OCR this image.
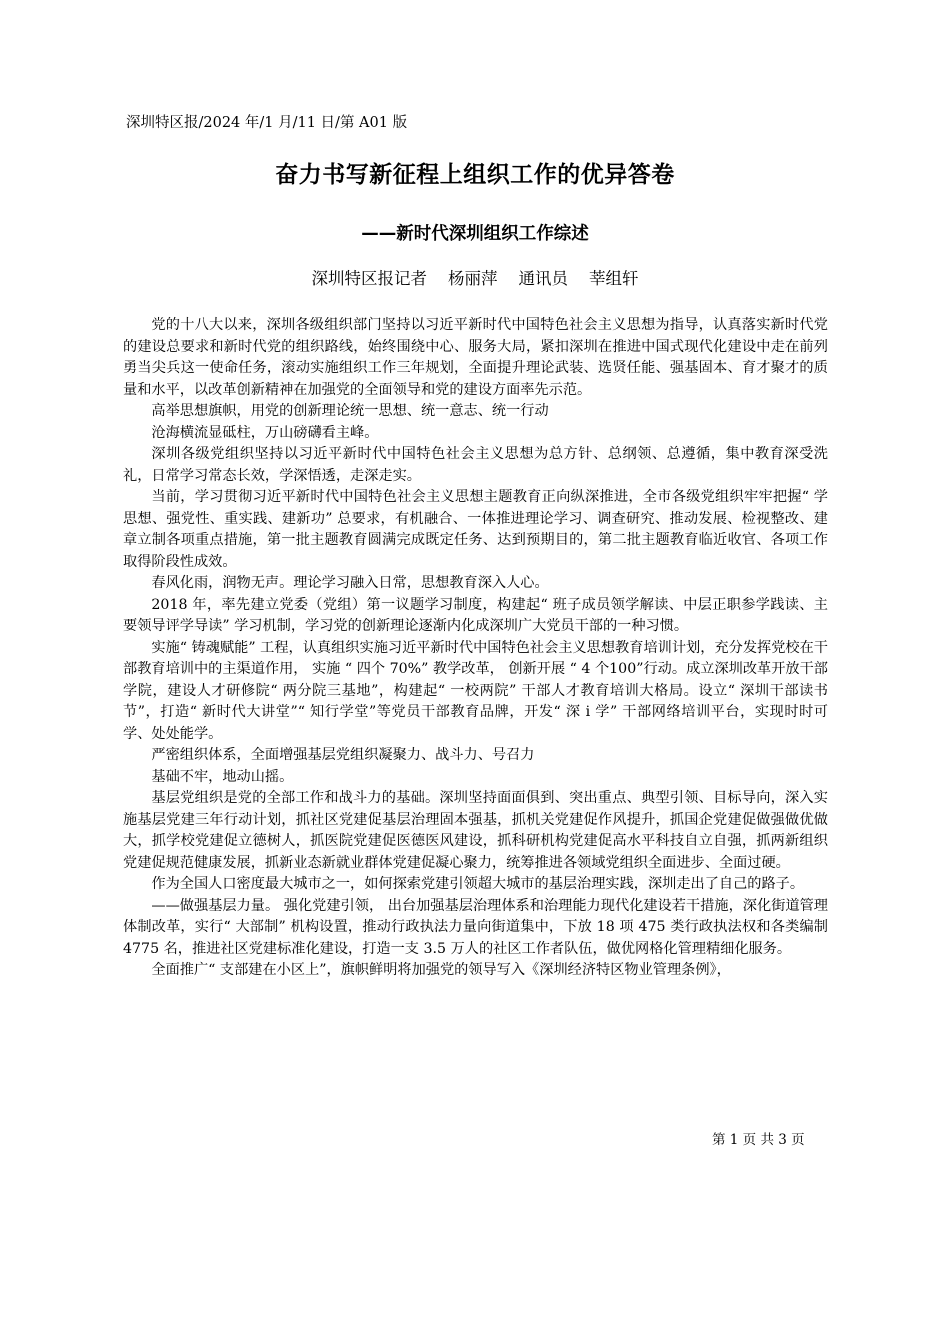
深圳特区报/2024 年/1 月/11 日/第 A01 版
奋力书写新征程上组织工作的优异答卷
——新时代深圳组织工作综述
深圳特区报记者    杨丽萍    通讯员    莘组轩

党的十八大以来，深圳各级组织部门坚持以习近平新时代中国特色社会主义思想为指导，认真落实新时代党的建设总要求和新时代党的组织路线，始终围绕中心、服务大局，紧扣深圳在推进中国式现代化建设中走在前列勇当尖兵这一使命任务，滚动实施组织工作三年规划，全面提升理论武装、选贤任能、强基固本、育才聚才的质量和水平，以改革创新精神在加强党的全面领导和党的建设方面率先示范。

高举思想旗帜，用党的创新理论统一思想、统一意志、统一行动

沧海横流显砥柱，万山磅礴看主峰。

深圳各级党组织坚持以习近平新时代中国特色社会主义思想为总方针、总纲领、总遵循，集中教育深受洗礼，日常学习常态长效，学深悟透，走深走实。

当前，学习贯彻习近平新时代中国特色社会主义思想主题教育正向纵深推进，全市各级党组织牢牢把握“ 学思想、强党性、重实践、建新功” 总要求，有机融合、一体推进理论学习、调查研究、推动发展、检视整改、建章立制各项重点措施，第一批主题教育圆满完成既定任务、达到预期目的，第二批主题教育临近收官、各项工作取得阶段性成效。

春风化雨，润物无声。理论学习融入日常，思想教育深入人心。

2018 年，率先建立党委（党组）第一议题学习制度，构建起“ 班子成员领学解读、中层正职参学践读、主要领导评学导读” 学习机制，学习党的创新理论逐渐内化成深圳广大党员干部的一种习惯。

实施“ 铸魂赋能” 工程，认真组织实施习近平新时代中国特色社会主义思想教育培训计划，充分发挥党校在干部教育培训中的主渠道作用， 实施 “ 四个 70%” 教学改革， 创新开展 “ 4 个100”行动。成立深圳改革开放干部学院，建设人才研修院“ 两分院三基地”，构建起“ 一校两院” 干部人才教育培训大格局。设立“ 深圳干部读书节”，打造“ 新时代大讲堂”“ 知行学堂”等党员干部教育品牌，开发“ 深 i 学” 干部网络培训平台，实现时时可学、处处能学。

严密组织体系，全面增强基层党组织凝聚力、战斗力、号召力

基础不牢，地动山摇。

基层党组织是党的全部工作和战斗力的基础。深圳坚持面面俱到、突出重点、典型引领、目标导向，深入实施基层党建三年行动计划，抓社区党建促基层治理固本强基，抓机关党建促作风提升，抓国企党建促做强做优做大，抓学校党建促立德树人，抓医院党建促医德医风建设，抓科研机构党建促高水平科技自立自强，抓两新组织党建促规范健康发展，抓新业态新就业群体党建促凝心聚力，统筹推进各领域党组织全面进步、全面过硬。

作为全国人口密度最大城市之一，如何探索党建引领超大城市的基层治理实践，深圳走出了自己的路子。

——做强基层力量。 强化党建引领， 出台加强基层治理体系和治理能力现代化建设若干措施，深化街道管理体制改革，实行“ 大部制” 机构设置，推动行政执法力量向街道集中，下放 18 项 475 类行政执法权和各类编制 4775 名，推进社区党建标准化建设，打造一支 3.5 万人的社区工作者队伍，做优网格化管理精细化服务。

全面推广“ 支部建在小区上”，旗帜鲜明将加强党的领导写入《深圳经济特区物业管理条例》，

第 1 页 共 3 页
